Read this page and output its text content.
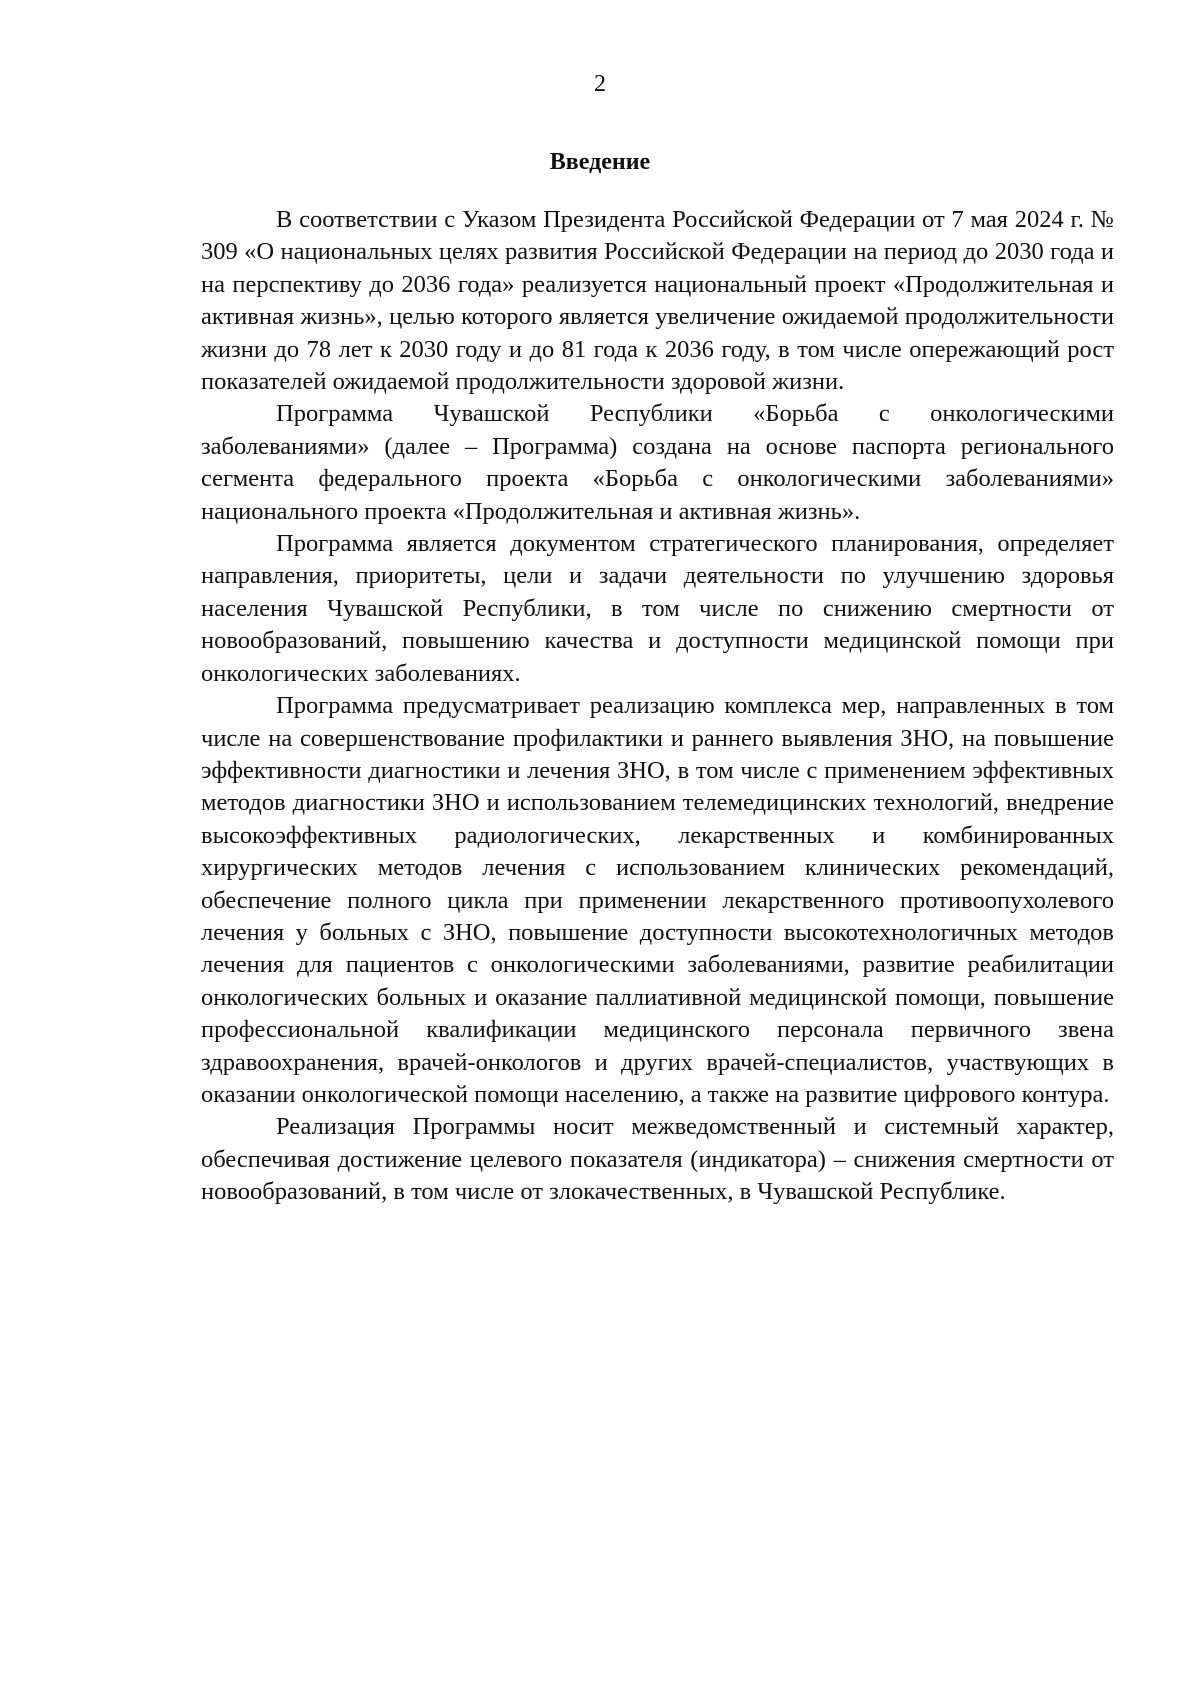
2
Введение

В соответствии с Указом Президента Российской Федерации от 7 мая 2024 г. № 309 «О национальных целях развития Российской Федерации на период до 2030 года и на перспективу до 2036 года» реализуется национальный проект «Продолжительная и активная жизнь», целью которого является увеличение ожидаемой продолжительности жизни до 78 лет к 2030 году и до 81 года к 2036 году, в том числе опережающий рост показателей ожидаемой продолжительности здоровой жизни.

Программа Чувашской Республики «Борьба с онкологическими заболеваниями» (далее – Программа) создана на основе паспорта регионального сегмента федерального проекта «Борьба с онкологическими заболеваниями» национального проекта «Продолжительная и активная жизнь».

Программа является документом стратегического планирования, определяет направления, приоритеты, цели и задачи деятельности по улучшению здоровья населения Чувашской Республики, в том числе по снижению смертности от новообразований, повышению качества и доступности медицинской помощи при онкологических заболеваниях.

Программа предусматривает реализацию комплекса мер, направленных в том числе на совершенствование профилактики и раннего выявления ЗНО, на повышение эффективности диагностики и лечения ЗНО, в том числе с применением эффективных методов диагностики ЗНО и использованием телемедицинских технологий, внедрение высокоэффективных радиологических, лекарственных и комбинированных хирургических методов лечения с использованием клинических рекомендаций, обеспечение полного цикла при применении лекарственного противоопухолевого лечения у больных с ЗНО, повышение доступности высокотехнологичных методов лечения для пациентов с онкологическими заболеваниями, развитие реабилитации онкологических больных и оказание паллиативной медицинской помощи, повышение профессиональной квалификации медицинского персонала первичного звена здравоохранения, врачей-онкологов и других врачей-специалистов, участвующих в оказании онкологической помощи населению, а также на развитие цифрового контура.

Реализация Программы носит межведомственный и системный характер, обеспечивая достижение целевого показателя (индикатора) – снижения смертности от новообразований, в том числе от злокачественных, в Чувашской Республике.
